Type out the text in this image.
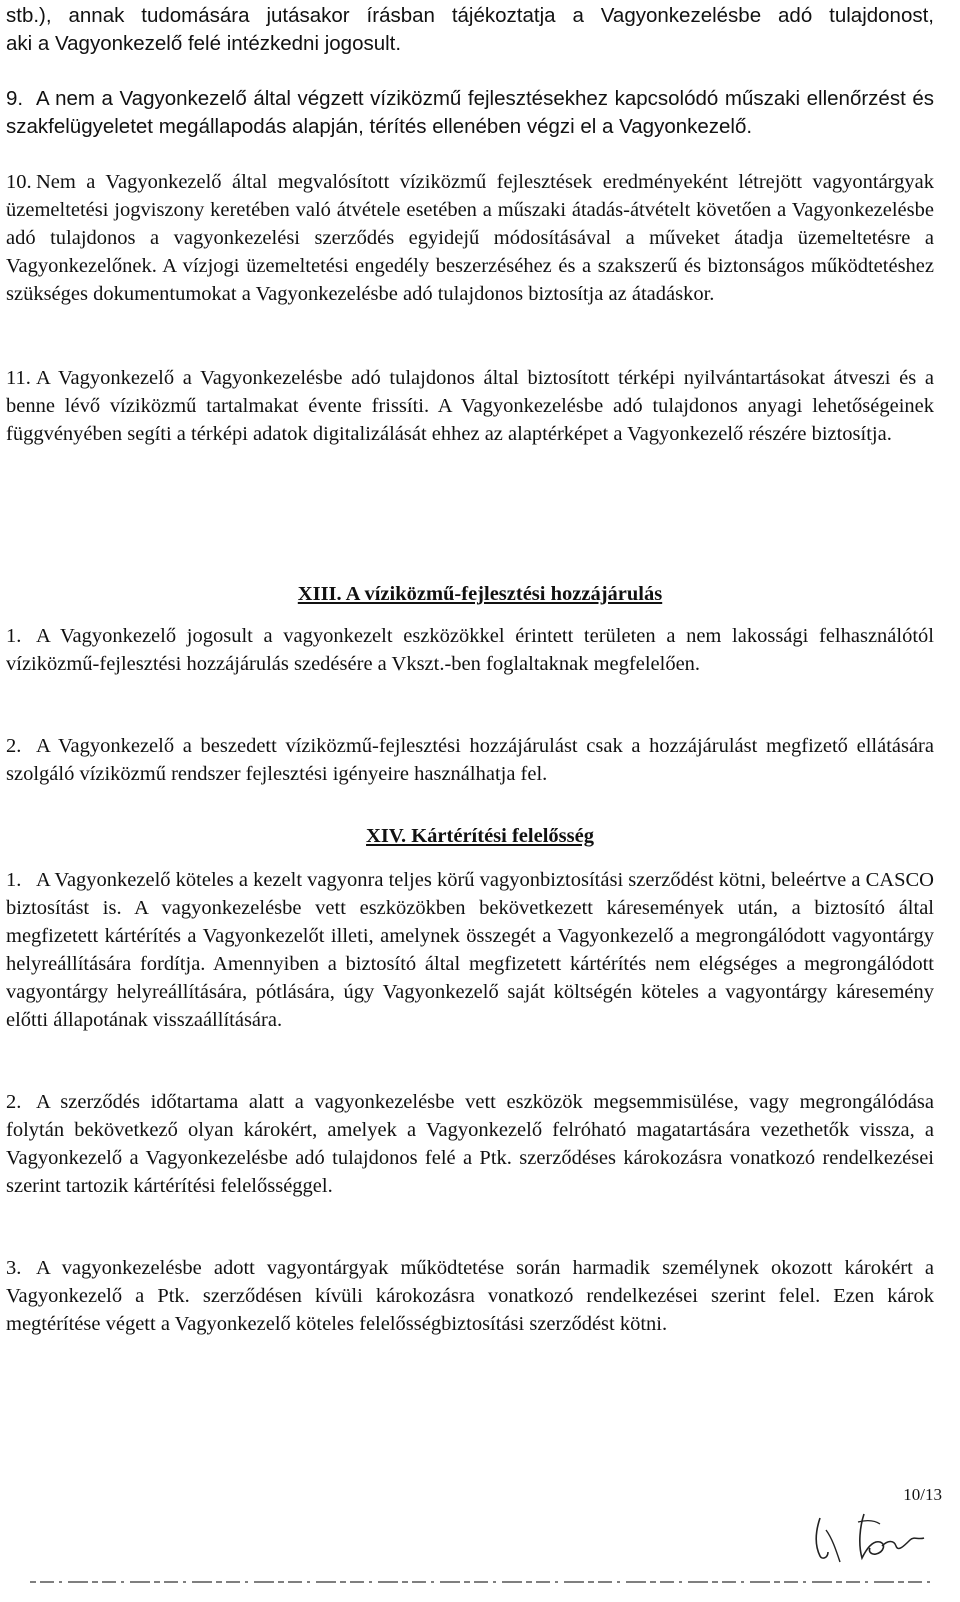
stb.), annak tudomására jutásakor írásban tájékoztatja a Vagyonkezelésbe adó tulajdonost,
aki a Vagyonkezelő felé intézkedni jogosult.
9. A nem a Vagyonkezelő által végzett víziközmű fejlesztésekhez kapcsolódó műszaki ellenőrzést és szakfelügyeletet megállapodás alapján, térítés ellenében végzi el a Vagyonkezelő.
10. Nem a Vagyonkezelő által megvalósított víziközmű fejlesztések eredményeként létrejött vagyontárgyak üzemeltetési jogviszony keretében való átvétele esetében a műszaki átadás-átvételt követően a Vagyonkezelésbe adó tulajdonos a vagyonkezelési szerződés egyidejű módosításával a műveket átadja üzemeltetésre a Vagyonkezelőnek. A vízjogi üzemeltetési engedély beszerzéséhez és a szakszerű és biztonságos működtetéshez szükséges dokumentumokat a Vagyonkezelésbe adó tulajdonos biztosítja az átadáskor.
11. A Vagyonkezelő a Vagyonkezelésbe adó tulajdonos által biztosított térképi nyilvántartásokat átveszi és a benne lévő víziközmű tartalmakat évente frissíti. A Vagyonkezelésbe adó tulajdonos anyagi lehetőségeinek függvényében segíti a térképi adatok digitalizálását ehhez az alaptérképet a Vagyonkezelő részére biztosítja.
XIII. A víziközmű-fejlesztési hozzájárulás
1. A Vagyonkezelő jogosult a vagyonkezelt eszközökkel érintett területen a nem lakossági felhasználótól víziközmű-fejlesztési hozzájárulás szedésére a Vkszt.-ben foglaltaknak megfelelően.
2. A Vagyonkezelő a beszedett víziközmű-fejlesztési hozzájárulást csak a hozzájárulást megfizető ellátására szolgáló víziközmű rendszer fejlesztési igényeire használhatja fel.
XIV. Kártérítési felelősség
1. A Vagyonkezelő köteles a kezelt vagyonra teljes körű vagyonbiztosítási szerződést kötni, beleértve a CASCO biztosítást is. A vagyonkezelésbe vett eszközökben bekövetkezett káresemények után, a biztosító által megfizetett kártérítés a Vagyonkezelőt illeti, amelynek összegét a Vagyonkezelő a megrongálódott vagyontárgy helyreállítására fordítja. Amennyiben a biztosító által megfizetett kártérítés nem elégséges a megrongálódott vagyontárgy helyreállítására, pótlására, úgy Vagyonkezelő saját költségén köteles a vagyontárgy káresemény előtti állapotának visszaállítására.
2. A szerződés időtartama alatt a vagyonkezelésbe vett eszközök megsemmisülése, vagy megrongálódása folytán bekövetkező olyan károkért, amelyek a Vagyonkezelő felróható magatartására vezethetők vissza, a Vagyonkezelő a Vagyonkezelésbe adó tulajdonos felé a Ptk. szerződéses károkozásra vonatkozó rendelkezései szerint tartozik kártérítési felelősséggel.
3. A vagyonkezelésbe adott vagyontárgyak működtetése során harmadik személynek okozott károkért a Vagyonkezelő a Ptk. szerződésen kívüli károkozásra vonatkozó rendelkezései szerint felel. Ezen károk megtérítése végett a Vagyonkezelő köteles felelősségbiztosítási szerződést kötni.
10/13
